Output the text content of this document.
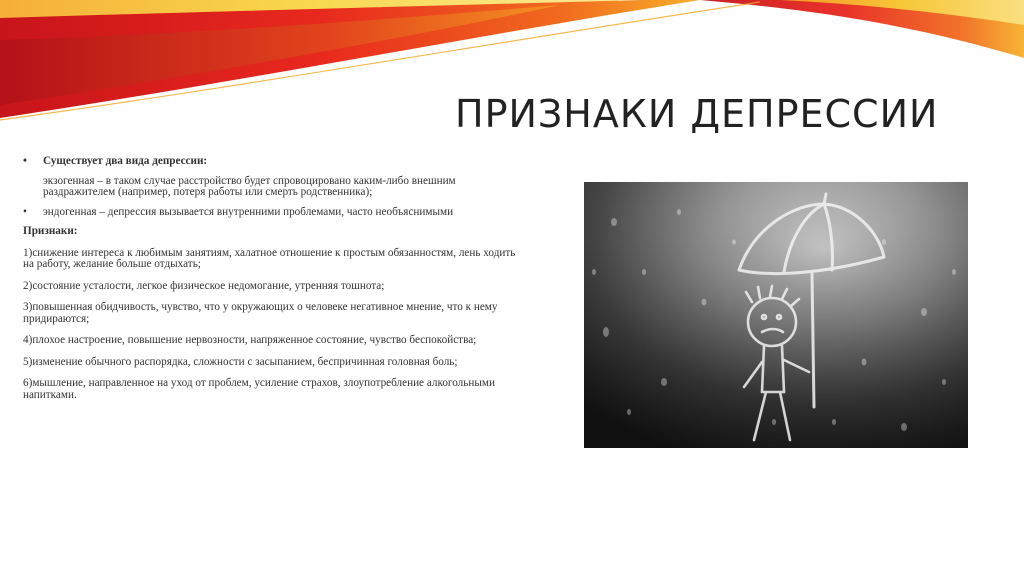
ПРИЗНАКИ ДЕПРЕССИИ
• Существует два вида депрессии:
экзогенная – в таком случае расстройство будет спровоцировано каким-либо внешним раздражителем (например, потеря работы или смерть родственника);
• эндогенная – депрессия вызывается внутренними проблемами, часто необъяснимыми
Признаки:
1)снижение интереса к любимым занятиям, халатное отношение к простым обязанностям, лень ходить на работу, желание больше отдыхать;
2)состояние усталости, легкое физическое недомогание, утренняя тошнота;
3)повышенная обидчивость, чувство, что у окружающих о человеке негативное мнение, что к нему придираются;
4)плохое настроение, повышение нервозности, напряженное состояние, чувство беспокойства;
5)изменение обычного распорядка, сложности с засыпанием, беспричинная головная боль;
6)мышление, направленное на уход от проблем, усиление страхов, злоупотребление алкогольными напитками.
